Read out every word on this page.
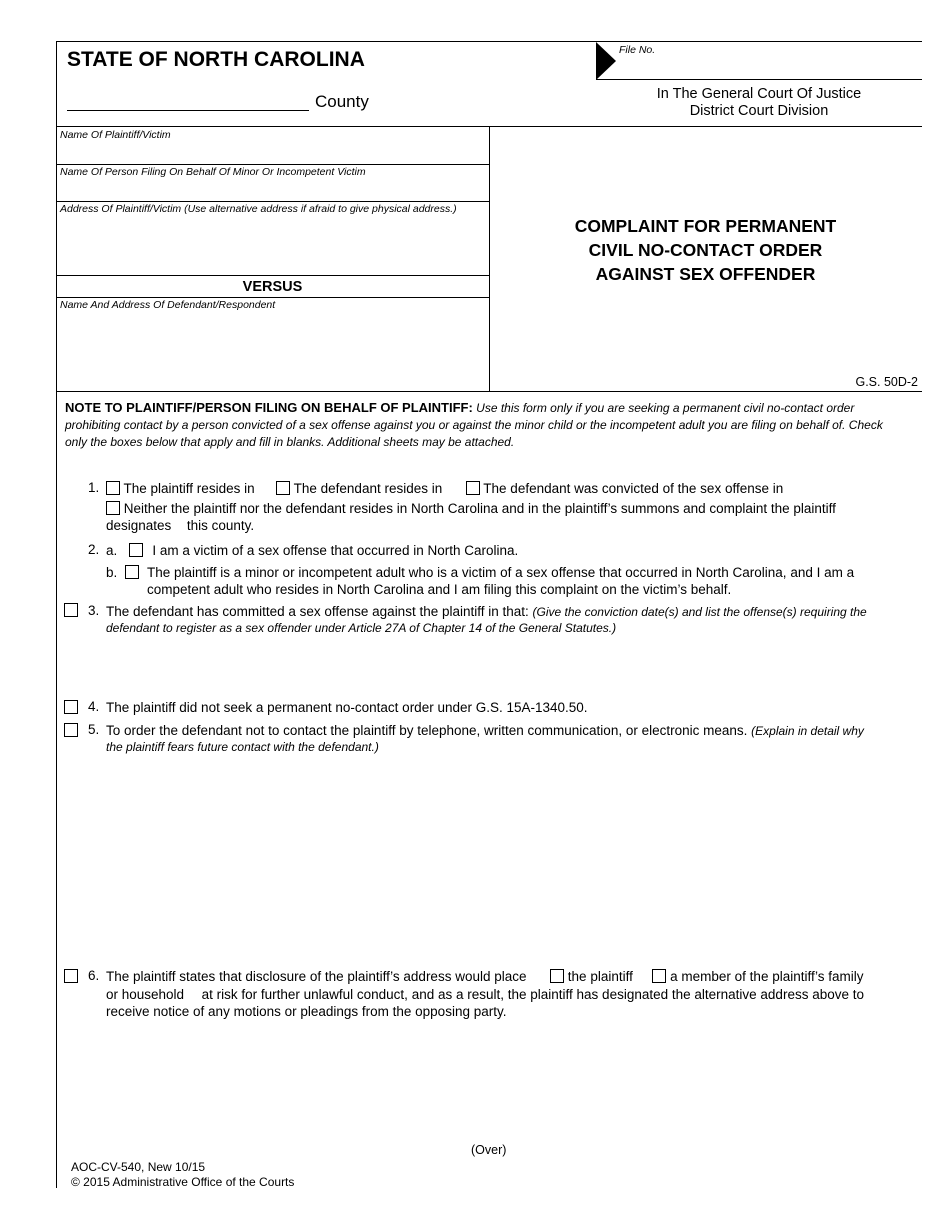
STATE OF NORTH CAROLINA
County
File No.
In The General Court Of Justice
District Court Division
Name Of Plaintiff/Victim
Name Of Person Filing On Behalf Of Minor Or Incompetent Victim
Address Of Plaintiff/Victim (Use alternative address if afraid to give physical address.)
VERSUS
Name And Address Of Defendant/Respondent
COMPLAINT FOR PERMANENT
CIVIL NO-CONTACT ORDER
AGAINST SEX OFFENDER
G.S. 50D-2
NOTE TO PLAINTIFF/PERSON FILING ON BEHALF OF PLAINTIFF: Use this form only if you are seeking a permanent civil no-contact order
prohibiting contact by a person convicted of a sex offense against you or against the minor child or the incompetent adult you are filing on behalf of. Check
only the boxes below that apply and fill in blanks. Additional sheets may be attached.
1.	The plaintiff resides in	The defendant resides in	The defendant was convicted of the sex offense in
Neither the plaintiff nor the defendant resides in North Carolina and in the plaintiff’s summons and complaint the plaintiff
designates this county.
2. a.	I am a victim of a sex offense that occurred in North Carolina.
b. The plaintiff is a minor or incompetent adult who is a victim of a sex offense that occurred in North Carolina, and I am a
competent adult who resides in North Carolina and I am filing this complaint on the victim’s behalf.
3. The defendant has committed a sex offense against the plaintiff in that: (Give the conviction date(s) and list the offense(s) requiring the
defendant to register as a sex offender under Article 27A of Chapter 14 of the General Statutes.)
4. The plaintiff did not seek a permanent no-contact order under G.S. 15A-1340.50.
5. To order the defendant not to contact the plaintiff by telephone, written communication, or electronic means. (Explain in detail why
the plaintiff fears future contact with the defendant.)
6. The plaintiff states that disclosure of the plaintiff’s address would place	the plaintiff	a member of the plaintiff’s family
or household at risk for further unlawful conduct, and as a result, the plaintiff has designated the alternative address above to
receive notice of any motions or pleadings from the opposing party.
(Over)
AOC-CV-540, New 10/15
© 2015 Administrative Office of the Courts
